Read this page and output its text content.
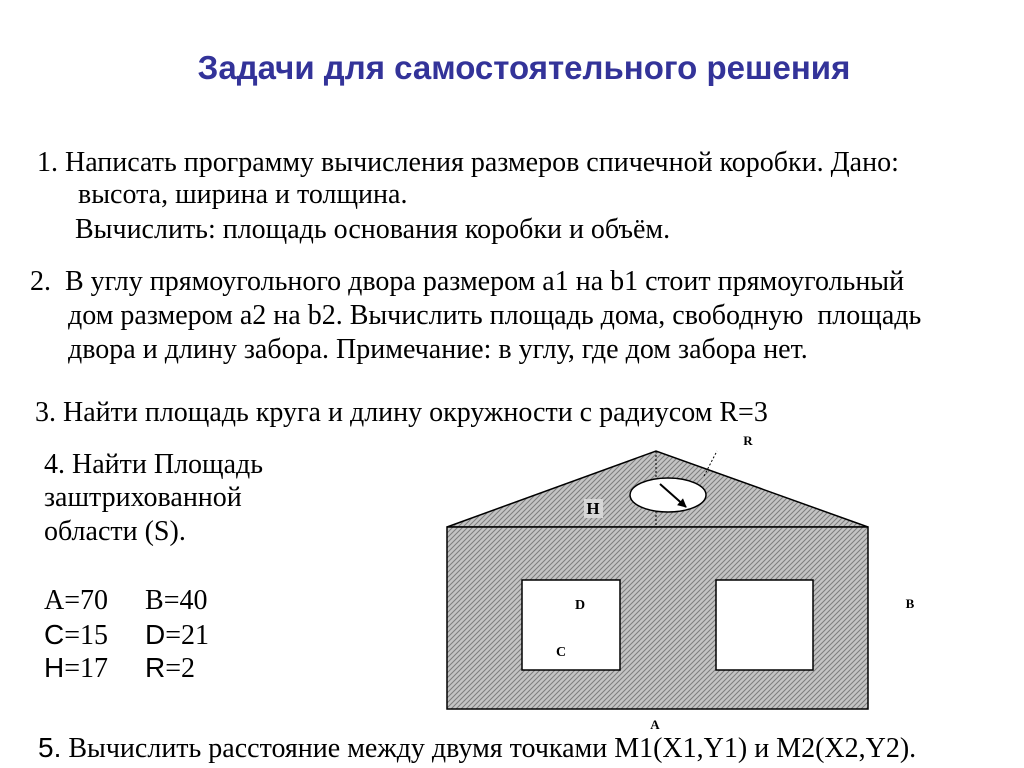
R
H
D
C
B
A
Задачи для самостоятельного решения
1. Написать программу вычисления размеров спичечной коробки. Дано:
высота, ширина и толщина.
Вычислить: площадь основания коробки и объём.
2.  В углу прямоугольного двора размером a1 на b1 стоит прямоугольный
дом размером a2 на b2. Вычислить площадь дома, свободную  площадь
двора и длину забора. Примечание: в углу, где дом забора нет.
3. Найти площадь круга и длину окружности с радиусом R=3
4. Найти Площадь
заштрихованной
области (S).
A=70 B=40
C=15 D=21
H=17 R=2
5. Вычислить расстояние между двумя точками M1(X1,Y1) и M2(X2,Y2).
